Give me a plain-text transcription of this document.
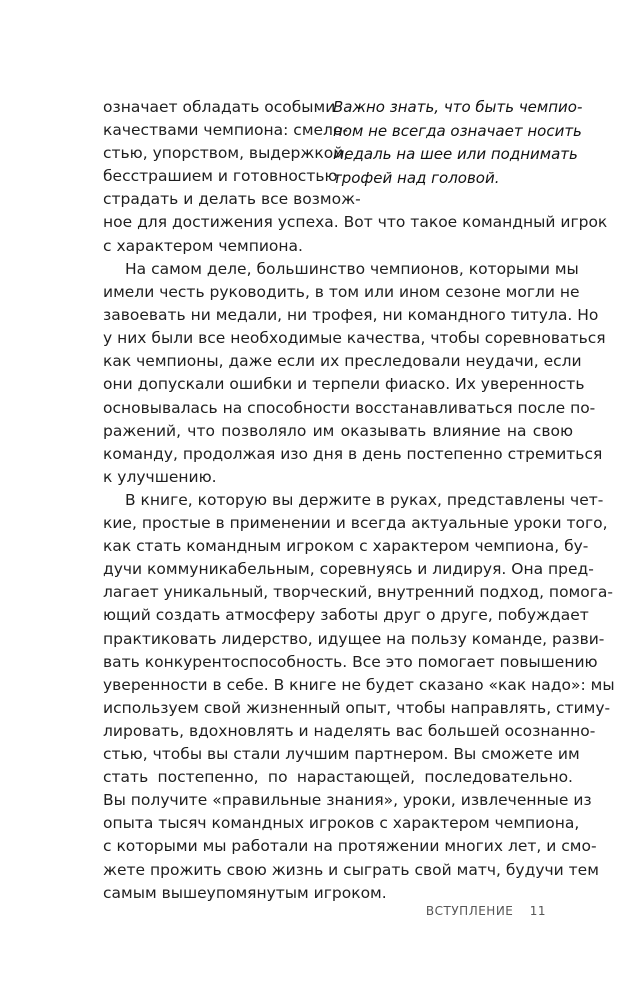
Важно знать, что быть чемпио-
ном не всегда означает носить
медаль на шее или поднимать
трофей над головой.
означает обладать особыми
качествами чемпиона: смело-
стью, упорством, выдержкой,
бесстрашием и готовностью
страдать и делать все возмож-
ное для достижения успеха. Вот что такое командный игрок
с характером чемпиона.
На самом деле, большинство чемпионов, которыми мы
имели честь руководить, в том или ином сезоне могли не
завоевать ни медали, ни трофея, ни командного титула. Но
у них были все необходимые качества, чтобы соревноваться
как чемпионы, даже если их преследовали неудачи, если
они допускали ошибки и терпели фиаско. Их уверенность
основывалась на способности восстанавливаться после по-
ражений, что позволяло им оказывать влияние на свою
команду, продолжая изо дня в день постепенно стремиться
к улучшению.
В книге, которую вы держите в руках, представлены чет-
кие, простые в применении и всегда актуальные уроки того,
как стать командным игроком с характером чемпиона, бу-
дучи коммуникабельным, соревнуясь и лидируя. Она пред-
лагает уникальный, творческий, внутренний подход, помога-
ющий создать атмосферу заботы друг о друге, побуждает
практиковать лидерство, идущее на пользу команде, разви-
вать конкурентоспособность. Все это помогает повышению
уверенности в себе. В книге не будет сказано «как надо»: мы
используем свой жизненный опыт, чтобы направлять, стиму-
лировать, вдохновлять и наделять вас большей осознанно-
стью, чтобы вы стали лучшим партнером. Вы сможете им
стать постепенно, по нарастающей, последовательно.
Вы получите «правильные знания», уроки, извлеченные из
опыта тысяч командных игроков с характером чемпиона,
с которыми мы работали на протяжении многих лет, и смо-
жете прожить свою жизнь и сыграть свой матч, будучи тем
самым вышеупомянутым игроком.
ВСТУПЛЕНИЕ 11
